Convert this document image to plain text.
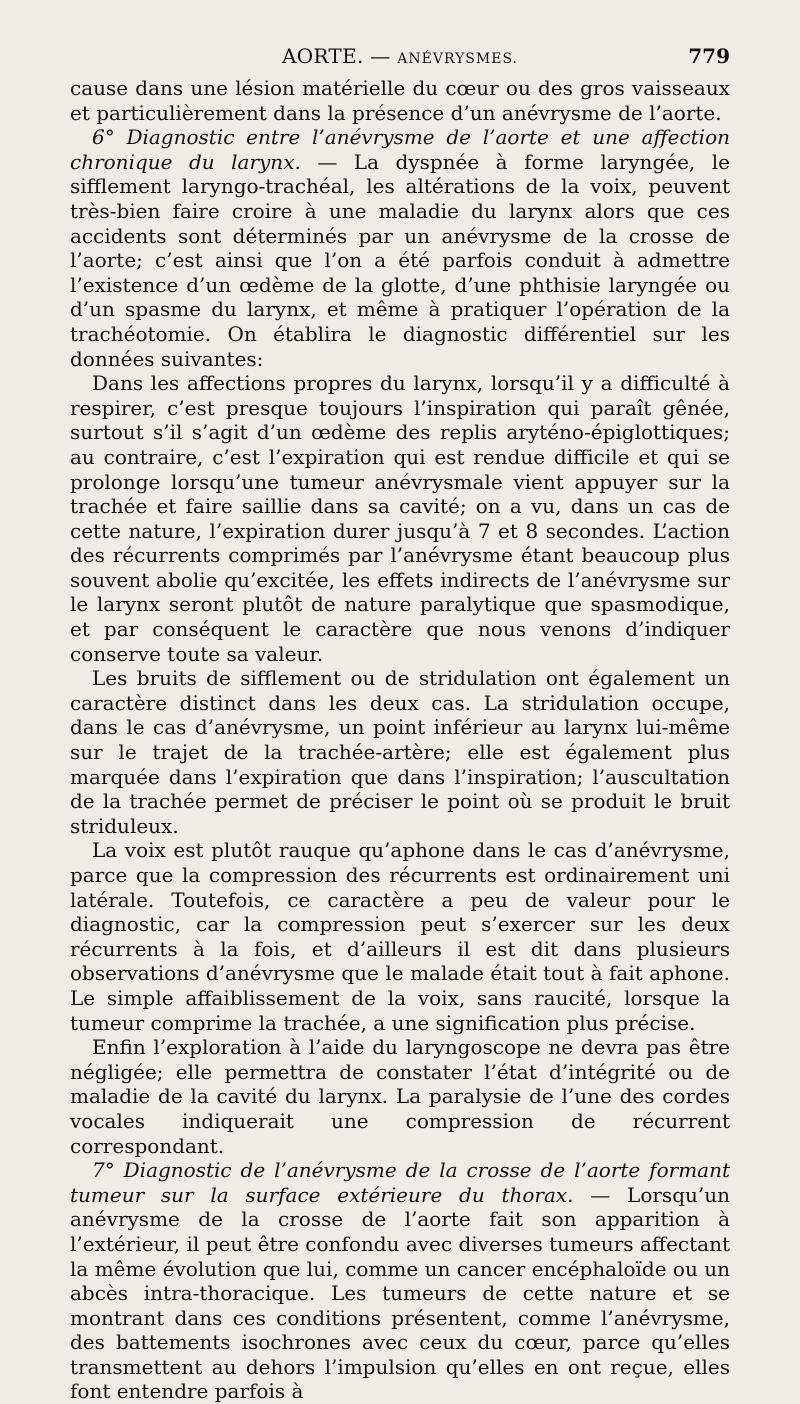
AORTE. — ANÉVRYSMES.	779

cause dans une lésion matérielle du cœur ou des gros vaisseaux et particulièrement dans la présence d’un anévrysme de l’aorte.

6° Diagnostic entre l’anévrysme de l’aorte et une affection chronique du larynx. — La dyspnée à forme laryngée, le sifflement laryngo-trachéal, les altérations de la voix, peuvent très-bien faire croire à une maladie du larynx alors que ces accidents sont déterminés par un anévrysme de la crosse de l’aorte; c’est ainsi que l’on a été parfois conduit à admettre l’existence d’un œdème de la glotte, d’une phthisie laryngée ou d’un spasme du larynx, et même à pratiquer l’opération de la trachéotomie. On établira le diagnostic différentiel sur les données suivantes:

Dans les affections propres du larynx, lorsqu’il y a difficulté à respirer, c’est presque toujours l’inspiration qui paraît gênée, surtout s’il s’agit d’un œdème des replis aryténo-épiglottiques; au contraire, c’est l’expiration qui est rendue difficile et qui se prolonge lorsqu’une tumeur anévrysmale vient appuyer sur la trachée et faire saillie dans sa cavité; on a vu, dans un cas de cette nature, l’expiration durer jusqu’à 7 et 8 secondes. L’action des récurrents comprimés par l’anévrysme étant beaucoup plus souvent abolie qu’excitée, les effets indirects de l’anévrysme sur le larynx seront plutôt de nature paralytique que spasmodique, et par conséquent le caractère que nous venons d’indiquer conserve toute sa valeur.

Les bruits de sifflement ou de stridulation ont également un caractère distinct dans les deux cas. La stridulation occupe, dans le cas d’anévrysme, un point inférieur au larynx lui-même sur le trajet de la trachée-artère; elle est également plus marquée dans l’expiration que dans l’inspiration; l’auscultation de la trachée permet de préciser le point où se produit le bruit striduleux.

La voix est plutôt rauque qu’aphone dans le cas d’anévrysme, parce que la compression des récurrents est ordinairement uni latérale. Toutefois, ce caractère a peu de valeur pour le diagnostic, car la compression peut s’exercer sur les deux récurrents à la fois, et d’ailleurs il est dit dans plusieurs observations d’anévrysme que le malade était tout à fait aphone. Le simple affaiblissement de la voix, sans raucité, lorsque la tumeur comprime la trachée, a une signification plus précise.

Enfin l’exploration à l’aide du laryngoscope ne devra pas être négligée; elle permettra de constater l’état d’intégrité ou de maladie de la cavité du larynx. La paralysie de l’une des cordes vocales indiquerait une compression de récurrent correspondant.

7° Diagnostic de l’anévrysme de la crosse de l’aorte formant tumeur sur la surface extérieure du thorax. — Lorsqu’un anévrysme de la crosse de l’aorte fait son apparition à l’extérieur, il peut être confondu avec diverses tumeurs affectant la même évolution que lui, comme un cancer encéphaloïde ou un abcès intra-thoracique. Les tumeurs de cette nature et se montrant dans ces conditions présentent, comme l’anévrysme, des battements isochrones avec ceux du cœur, parce qu’elles transmettent au dehors l’impulsion qu’elles en ont reçue, elles font entendre parfois à
